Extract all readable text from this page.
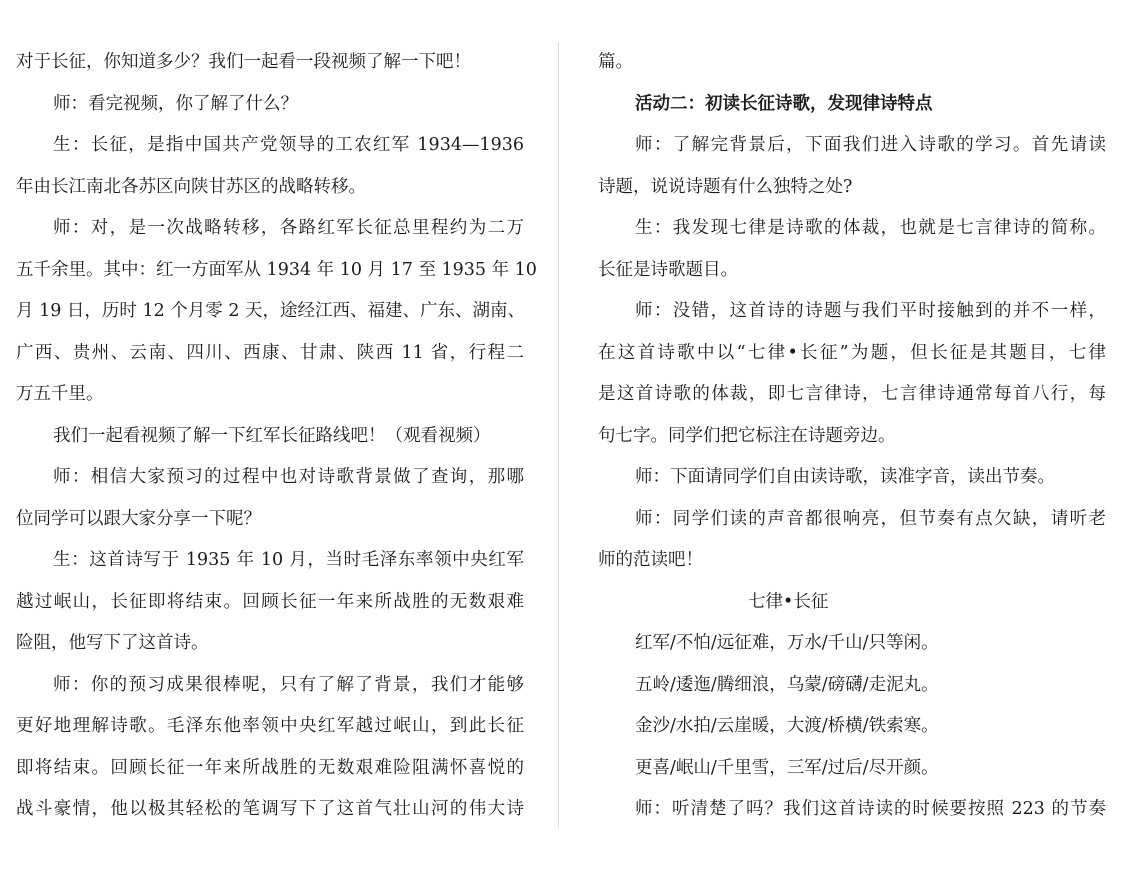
对于长征，你知道多少？我们一起看一段视频了解一下吧！
师：看完视频，你了解了什么？
生：长征，是指中国共产党领导的工农红军 1934—1936
年由长江南北各苏区向陕甘苏区的战略转移。
师：对，是一次战略转移，各路红军长征总里程约为二万
五千余里。其中：红一方面军从 1934 年 10 月 17 至 1935 年 10
月 19 日，历时 12 个月零 2 天，途经江西、福建、广东、湖南、
广西、贵州、云南、四川、西康、甘肃、陕西 11 省，行程二
万五千里。
我们一起看视频了解一下红军长征路线吧！（观看视频）
师：相信大家预习的过程中也对诗歌背景做了查询，那哪
位同学可以跟大家分享一下呢？
生：这首诗写于 1935 年 10 月，当时毛泽东率领中央红军
越过岷山，长征即将结束。回顾长征一年来所战胜的无数艰难
险阻，他写下了这首诗。
师：你的预习成果很棒呢，只有了解了背景，我们才能够
更好地理解诗歌。毛泽东他率领中央红军越过岷山，到此长征
即将结束。回顾长征一年来所战胜的无数艰难险阻满怀喜悦的
战斗豪情，他以极其轻松的笔调写下了这首气壮山河的伟大诗
篇。
活动二：初读长征诗歌，发现律诗特点
师：了解完背景后，下面我们进入诗歌的学习。首先请读
诗题，说说诗题有什么独特之处?
生：我发现七律是诗歌的体裁，也就是七言律诗的简称。
长征是诗歌题目。
师：没错，这首诗的诗题与我们平时接触到的并不一样，
在这首诗歌中以“七律•长征”为题，但长征是其题目，七律
是这首诗歌的体裁，即七言律诗，七言律诗通常每首八行，每
句七字。同学们把它标注在诗题旁边。
师：下面请同学们自由读诗歌，读准字音，读出节奏。
师：同学们读的声音都很响亮，但节奏有点欠缺，请听老
师的范读吧！
七律•长征
红军/不怕/远征难，万水/千山/只等闲。
五岭/逶迤/腾细浪，乌蒙/磅礴/走泥丸。
金沙/水拍/云崖暖，大渡/桥横/铁索寒。
更喜/岷山/千里雪，三军/过后/尽开颜。
师：听清楚了吗？我们这首诗读的时候要按照 223 的节奏
